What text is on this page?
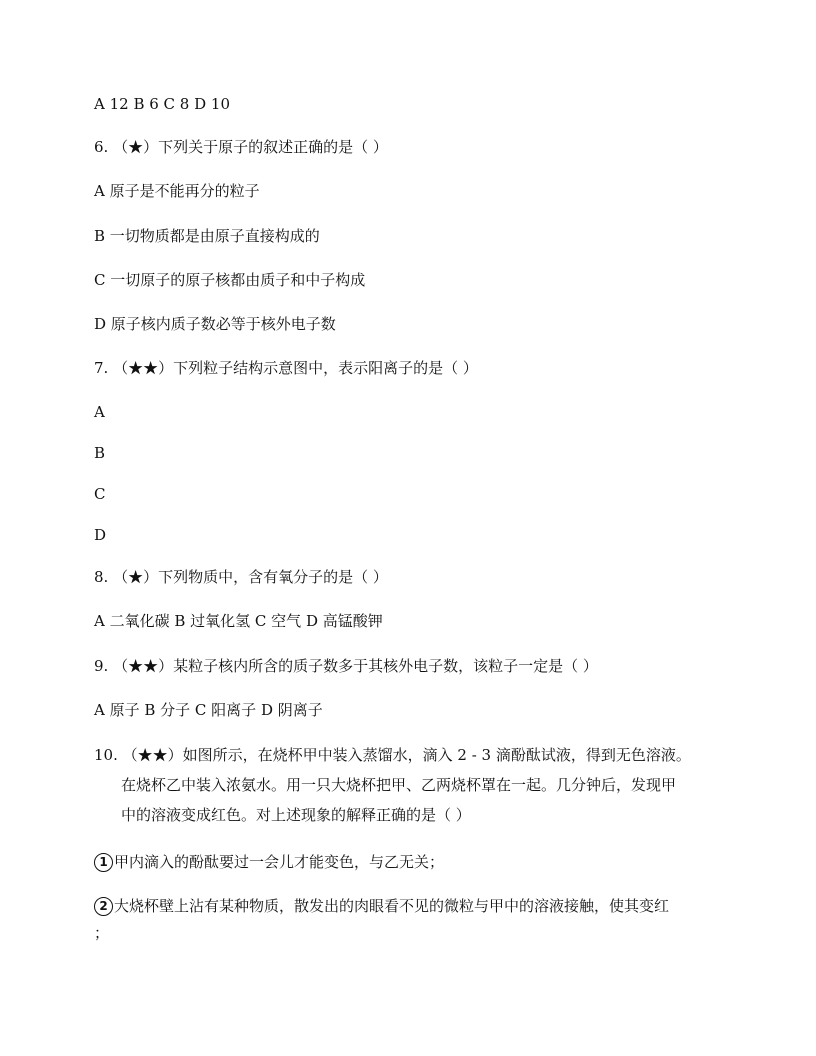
A 12 B 6 C 8 D 10
6. （★）下列关于原子的叙述正确的是（ ）
A 原子是不能再分的粒子
B 一切物质都是由原子直接构成的
C 一切原子的原子核都由质子和中子构成
D 原子核内质子数必等于核外电子数
7. （★★）下列粒子结构示意图中，表示阳离子的是（ ）
A
B
C
D
8. （★）下列物质中，含有氧分子的是（ ）
A 二氧化碳 B 过氧化氢 C 空气 D 高锰酸钾
9. （★★）某粒子核内所含的质子数多于其核外电子数，该粒子一定是（ ）
A 原子 B 分子 C 阳离子 D 阴离子
10. （★★）如图所示，在烧杯甲中装入蒸馏水，滴入 2 - 3 滴酚酞试液，得到无色溶液。
在烧杯乙中装入浓氨水。用一只大烧杯把甲、乙两烧杯罩在一起。几分钟后，发现甲
中的溶液变成红色。对上述现象的解释正确的是（ ）
1 甲内滴入的酚酞要过一会儿才能变色，与乙无关；
2 大烧杯壁上沾有某种物质，散发出的肉眼看不见的微粒与甲中的溶液接触，使其变红
；
